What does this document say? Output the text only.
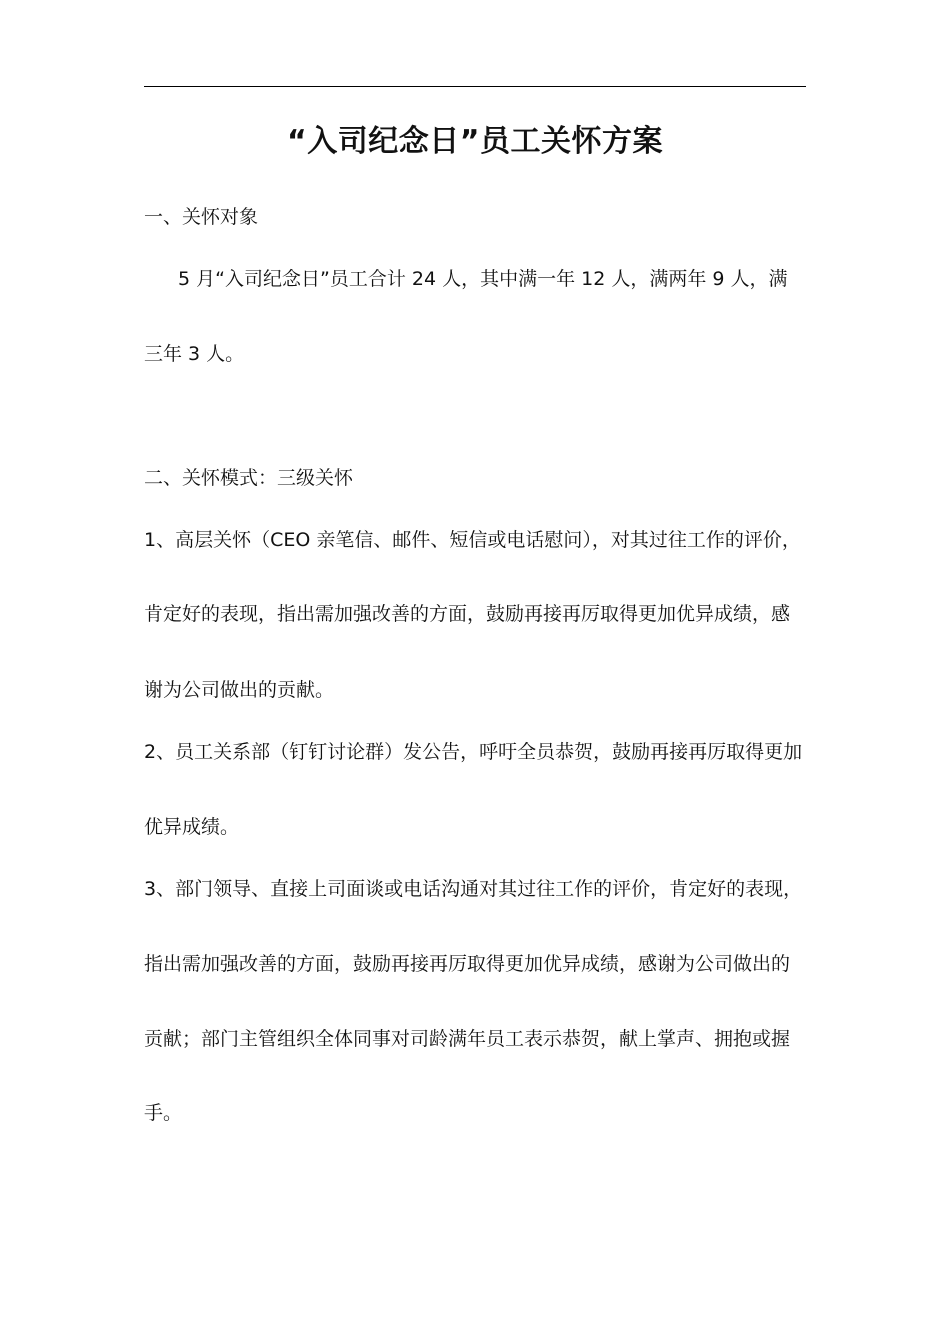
“入司纪念日”员工关怀方案
一、关怀对象
5 月“入司纪念日”员工合计 24 人，其中满一年 12 人，满两年 9 人，满
三年 3 人。
二、关怀模式：三级关怀
1、高层关怀（CEO 亲笔信、邮件、短信或电话慰问），对其过往工作的评价，
肯定好的表现，指出需加强改善的方面，鼓励再接再厉取得更加优异成绩，感
谢为公司做出的贡献。
2、员工关系部（钉钉讨论群）发公告，呼吁全员恭贺，鼓励再接再厉取得更加
优异成绩。
3、部门领导、直接上司面谈或电话沟通对其过往工作的评价，肯定好的表现，
指出需加强改善的方面，鼓励再接再厉取得更加优异成绩，感谢为公司做出的
贡献；部门主管组织全体同事对司龄满年员工表示恭贺，献上掌声、拥抱或握
手。
